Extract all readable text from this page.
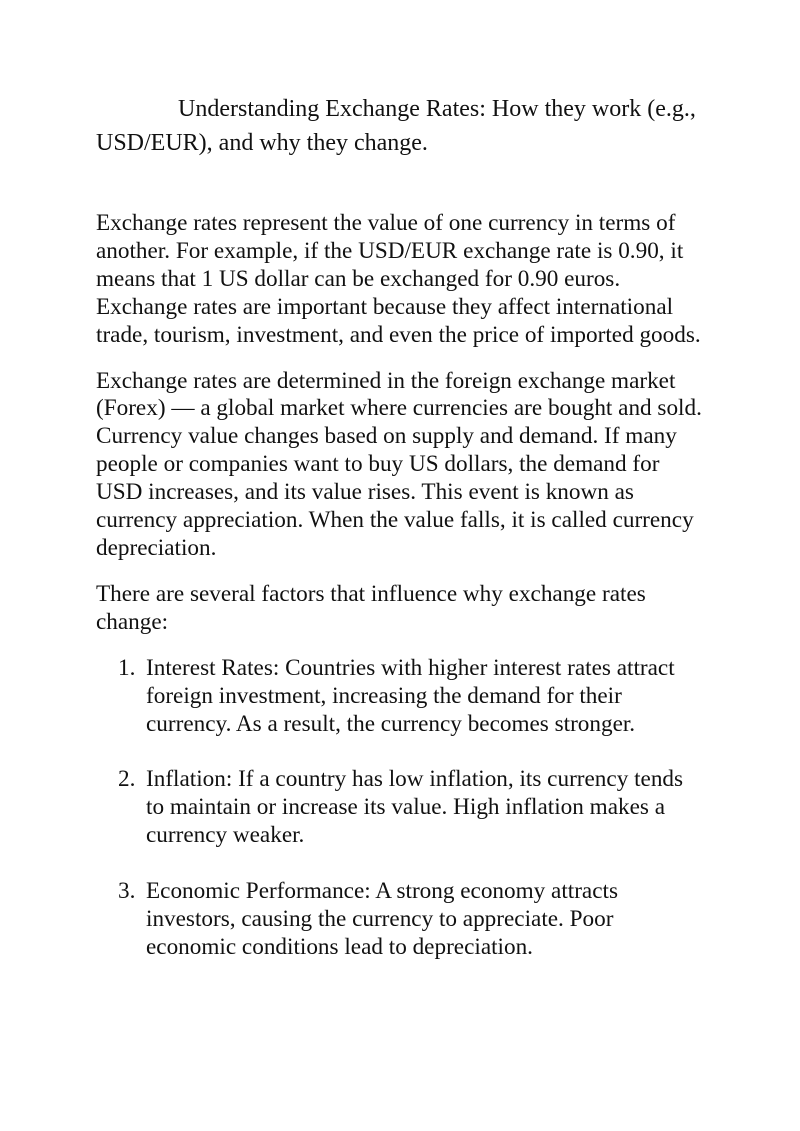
Understanding Exchange Rates: How they work (e.g., USD/EUR), and why they change.

Exchange rates represent the value of one currency in terms of another. For example, if the USD/EUR exchange rate is 0.90, it means that 1 US dollar can be exchanged for 0.90 euros. Exchange rates are important because they affect international trade, tourism, investment, and even the price of imported goods.

Exchange rates are determined in the foreign exchange market (Forex) — a global market where currencies are bought and sold. Currency value changes based on supply and demand. If many people or companies want to buy US dollars, the demand for USD increases, and its value rises. This event is known as currency appreciation. When the value falls, it is called currency depreciation.

There are several factors that influence why exchange rates change:

1. Interest Rates: Countries with higher interest rates attract foreign investment, increasing the demand for their currency. As a result, the currency becomes stronger.
2. Inflation: If a country has low inflation, its currency tends to maintain or increase its value. High inflation makes a currency weaker.
3. Economic Performance: A strong economy attracts investors, causing the currency to appreciate. Poor economic conditions lead to depreciation.
